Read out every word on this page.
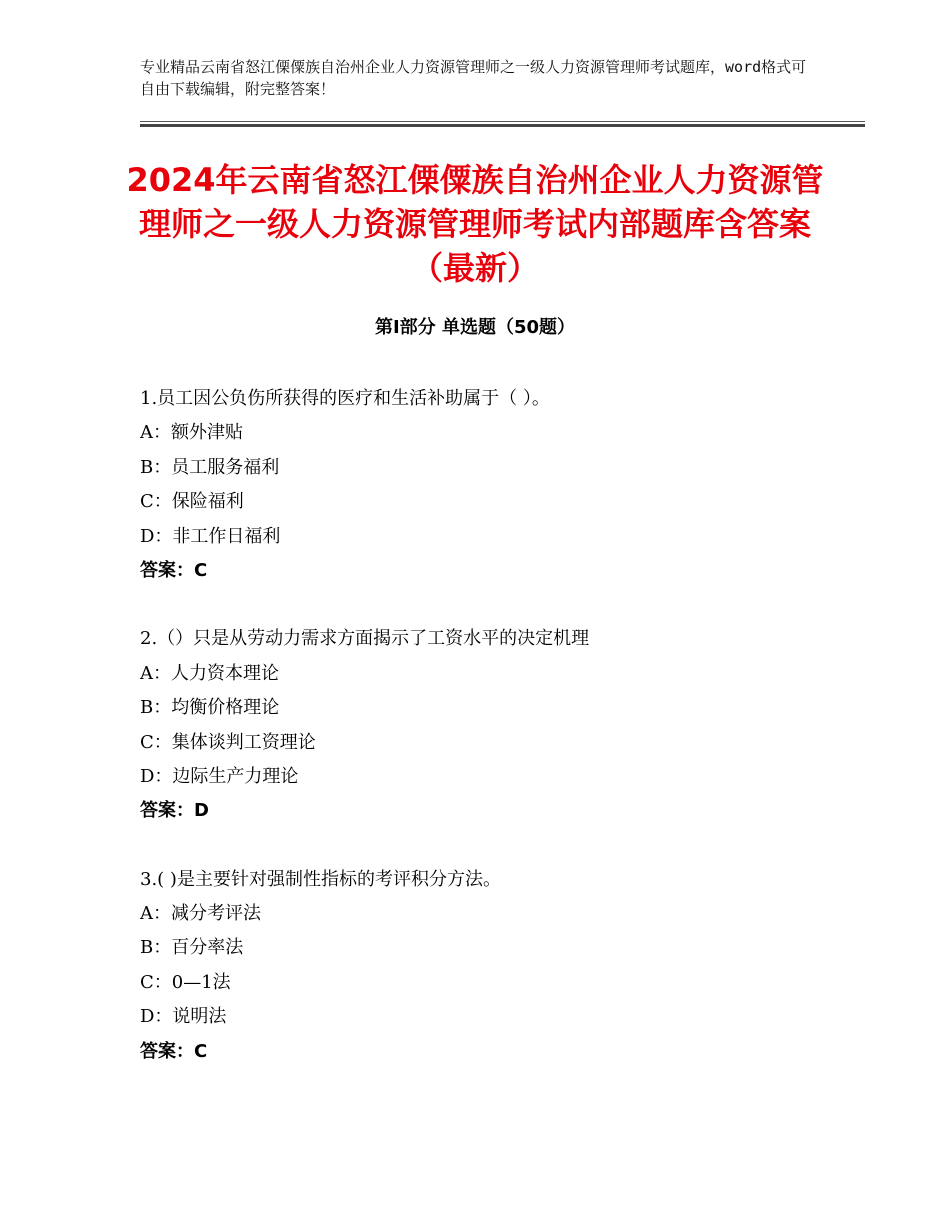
专业精品云南省怒江傈僳族自治州企业人力资源管理师之一级人力资源管理师考试题库，word格式可自由下载编辑，附完整答案！
2024年云南省怒江傈僳族自治州企业人力资源管理师之一级人力资源管理师考试内部题库含答案（最新）
第Ⅰ部分 单选题（50题）
1.员工因公负伤所获得的医疗和生活补助属于（ ）。
A：额外津贴
B：员工服务福利
C：保险福利
D：非工作日福利
答案：C
2.（）只是从劳动力需求方面揭示了工资水平的决定机理
A：人力资本理论
B：均衡价格理论
C：集体谈判工资理论
D：边际生产力理论
答案：D
3.( )是主要针对强制性指标的考评积分方法。
A：减分考评法
B：百分率法
C：0—1法
D：说明法
答案：C
